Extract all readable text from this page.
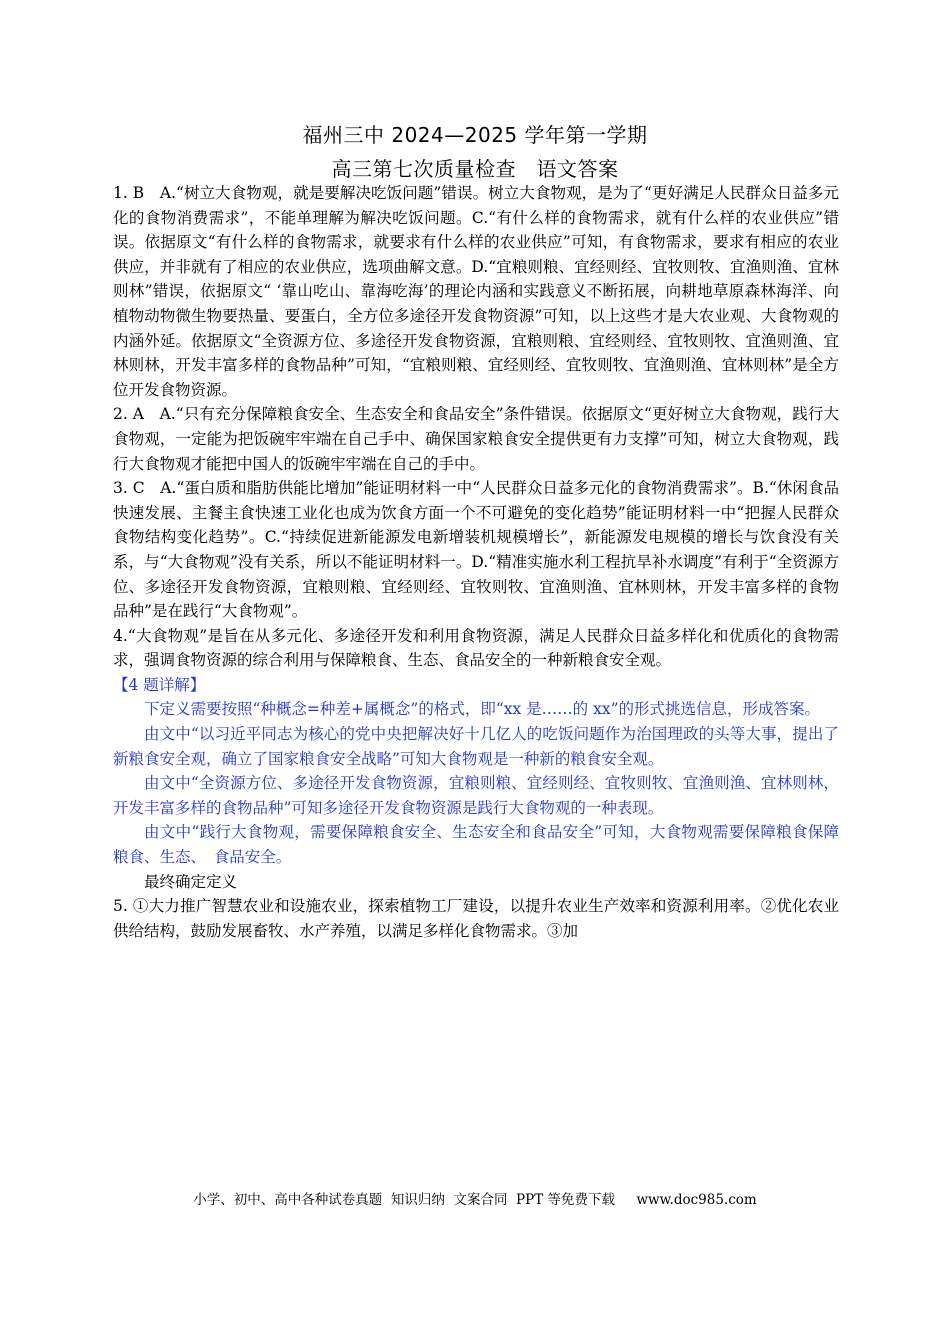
福州三中 2024—2025 学年第一学期
高三第七次质量检查　语文答案

1. B　A.“树立大食物观，就是要解决吃饭问题”错误。树立大食物观，是为了“更好满足人民群众日益多元化的食物消费需求”，不能单理解为解决吃饭问题。C.“有什么样的食物需求，就有什么样的农业供应”错误。依据原文“有什么样的食物需求，就要求有什么样的农业供应”可知，有食物需求，要求有相应的农业供应，并非就有了相应的农业供应，选项曲解文意。D.“宜粮则粮、宜经则经、宜牧则牧、宜渔则渔、宜林则林”错误，依据原文“ ‘靠山吃山、靠海吃海’的理论内涵和实践意义不断拓展，向耕地草原森林海洋、向植物动物微生物要热量、要蛋白，全方位多途径开发食物资源”可知，以上这些才是大农业观、大食物观的内涵外延。依据原文“全资源方位、多途径开发食物资源，宜粮则粮、宜经则经、宜牧则牧、宜渔则渔、宜林则林，开发丰富多样的食物品种”可知，“宜粮则粮、宜经则经、宜牧则牧、宜渔则渔、宜林则林”是全方位开发食物资源。

2. A　A.“只有充分保障粮食安全、生态安全和食品安全”条件错误。依据原文“更好树立大食物观，践行大食物观，一定能为把饭碗牢牢端在自己手中、确保国家粮食安全提供更有力支撑”可知，树立大食物观，践行大食物观才能把中国人的饭碗牢牢端在自己的手中。

3. C　A.“蛋白质和脂肪供能比增加”能证明材料一中“人民群众日益多元化的食物消费需求”。B.“休闲食品快速发展、主餐主食快速工业化也成为饮食方面一个不可避免的变化趋势”能证明材料一中“把握人民群众食物结构变化趋势”。C.“持续促进新能源发电新增装机规模增长”，新能源发电规模的增长与饮食没有关系，与“大食物观”没有关系，所以不能证明材料一。D.“精准实施水利工程抗旱补水调度”有利于“全资源方位、多途径开发食物资源，宜粮则粮、宜经则经、宜牧则牧、宜渔则渔、宜林则林，开发丰富多样的食物品种”是在践行“大食物观”。

4.“大食物观”是旨在从多元化、多途径开发和利用食物资源，满足人民群众日益多样化和优质化的食物需求，强调食物资源的综合利用与保障粮食、生态、食品安全的一种新粮食安全观。

【4 题详解】

下定义需要按照“种概念=种差+属概念”的格式，即“xx 是……的 xx”的形式挑选信息，形成答案。

由文中“以习近平同志为核心的党中央把解决好十几亿人的吃饭问题作为治国理政的头等大事，提出了新粮食安全观，确立了国家粮食安全战略”可知大食物观是一种新的粮食安全观。

由文中“全资源方位、多途径开发食物资源，宜粮则粮、宜经则经、宜牧则牧、宜渔则渔、宜林则林，开发丰富多样的食物品种”可知多途径开发食物资源是践行大食物观的一种表现。

由文中“践行大食物观，需要保障粮食安全、生态安全和食品安全”可知，大食物观需要保障粮食保障粮食、生态、　食品安全。

最终确定定义

5. ①大力推广智慧农业和设施农业，探索植物工厂建设，以提升农业生产效率和资源利用率。②优化农业供给结构，鼓励发展畜牧、水产养殖，以满足多样化食物需求。③加

小学、初中、高中各种试卷真题  知识归纳  文案合同  PPT 等免费下载     www.doc985.com
